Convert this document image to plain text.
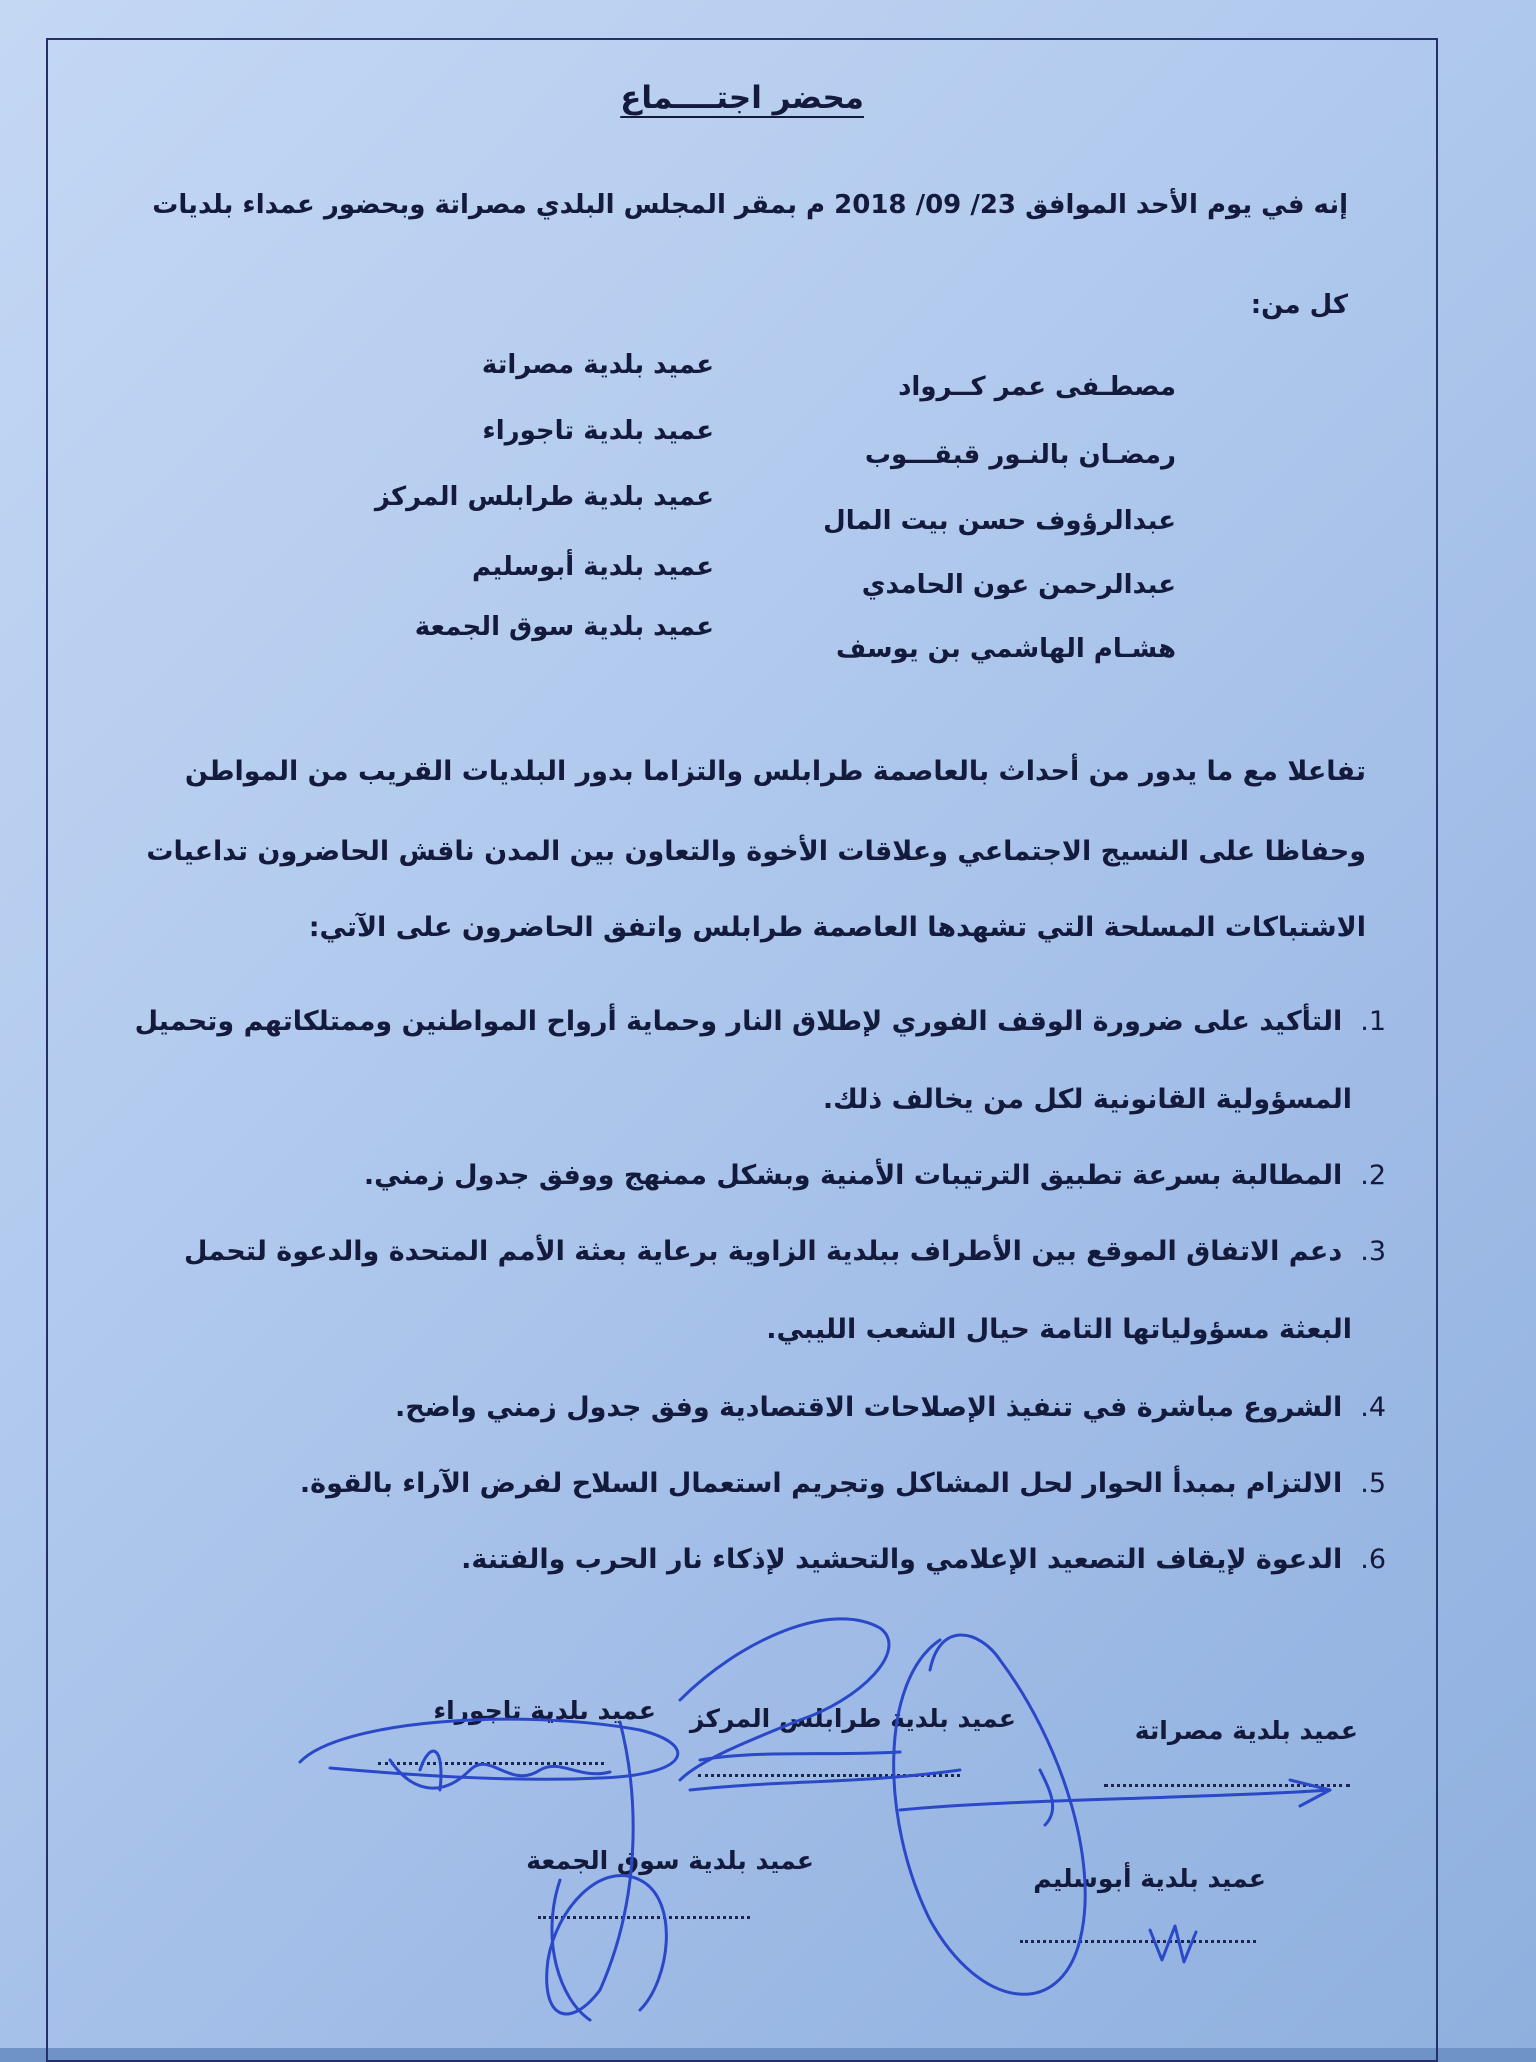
محضر اجتــــماع
إنه في يوم الأحد الموافق 23/ 09/ 2018 م بمقر المجلس البلدي مصراتة وبحضور عمداء بلديات
كل من:
مصطـفى عمر كــرواد
عميد بلدية مصراتة
رمضـان بالنـور قبقـــوب
عميد بلدية تاجوراء
عبدالرؤوف حسن بيت المال
عميد بلدية طرابلس المركز
عبدالرحمن عون الحامدي
عميد بلدية أبوسليم
هشـام الهاشمي بن يوسف
عميد بلدية سوق الجمعة
تفاعلا مع ما يدور من أحداث بالعاصمة طرابلس والتزاما بدور البلديات القريب من المواطن
وحفاظا على النسيج الاجتماعي وعلاقات الأخوة والتعاون بين المدن ناقش الحاضرون تداعيات
الاشتباكات المسلحة التي تشهدها العاصمة طرابلس واتفق الحاضرون على الآتي:
1.التأكيد على ضرورة الوقف الفوري لإطلاق النار وحماية أرواح المواطنين وممتلكاتهم وتحميل
المسؤولية القانونية لكل من يخالف ذلك.
2.المطالبة بسرعة تطبيق الترتيبات الأمنية وبشكل ممنهج ووفق جدول زمني.
3.دعم الاتفاق الموقع بين الأطراف ببلدية الزاوية برعاية بعثة الأمم المتحدة والدعوة لتحمل
البعثة مسؤولياتها التامة حيال الشعب الليبي.
4.الشروع مباشرة في تنفيذ الإصلاحات الاقتصادية وفق جدول زمني واضح.
5.الالتزام بمبدأ الحوار لحل المشاكل وتجريم استعمال السلاح لفرض الآراء بالقوة.
6.الدعوة لإيقاف التصعيد الإعلامي والتحشيد لإذكاء نار الحرب والفتنة.
عميد بلدية مصراتة
عميد بلدية طرابلس المركز
عميد بلدية تاجوراء
عميد بلدية أبوسليم
عميد بلدية سوق الجمعة
